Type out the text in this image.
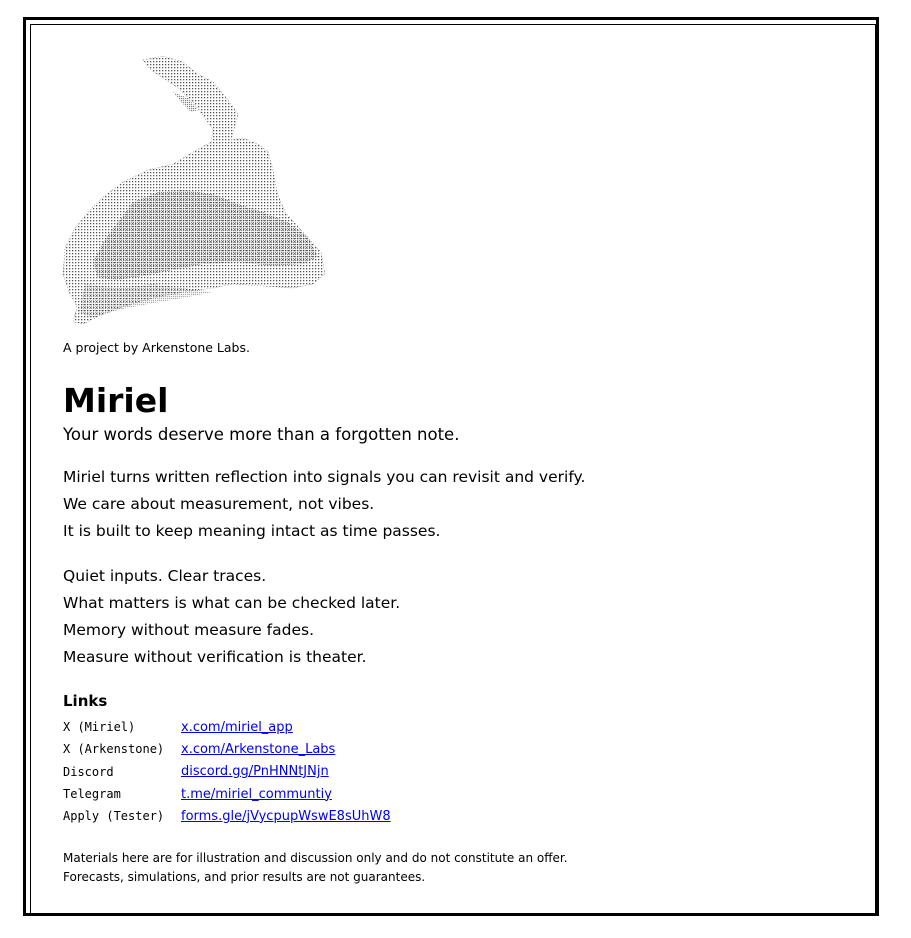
A project by Arkenstone Labs.

Miriel

Your words deserve more than a forgotten note.

Miriel turns written reflection into signals you can revisit and verify.
We care about measurement, not vibes.
It is built to keep meaning intact as time passes.
Quiet inputs. Clear traces.
What matters is what can be checked later.
Memory without measure fades.
Measure without verification is theater.
Links
X (Miriel)	x.com/miriel_app
X (Arkenstone)	x.com/Arkenstone_Labs
Discord	discord.gg/PnHNNtJNjn
Telegram	t.me/miriel_communtiy
Apply (Tester)	forms.gle/jVycpupWswE8sUhW8
Materials here are for illustration and discussion only and do not constitute an offer.
Forecasts, simulations, and prior results are not guarantees.
